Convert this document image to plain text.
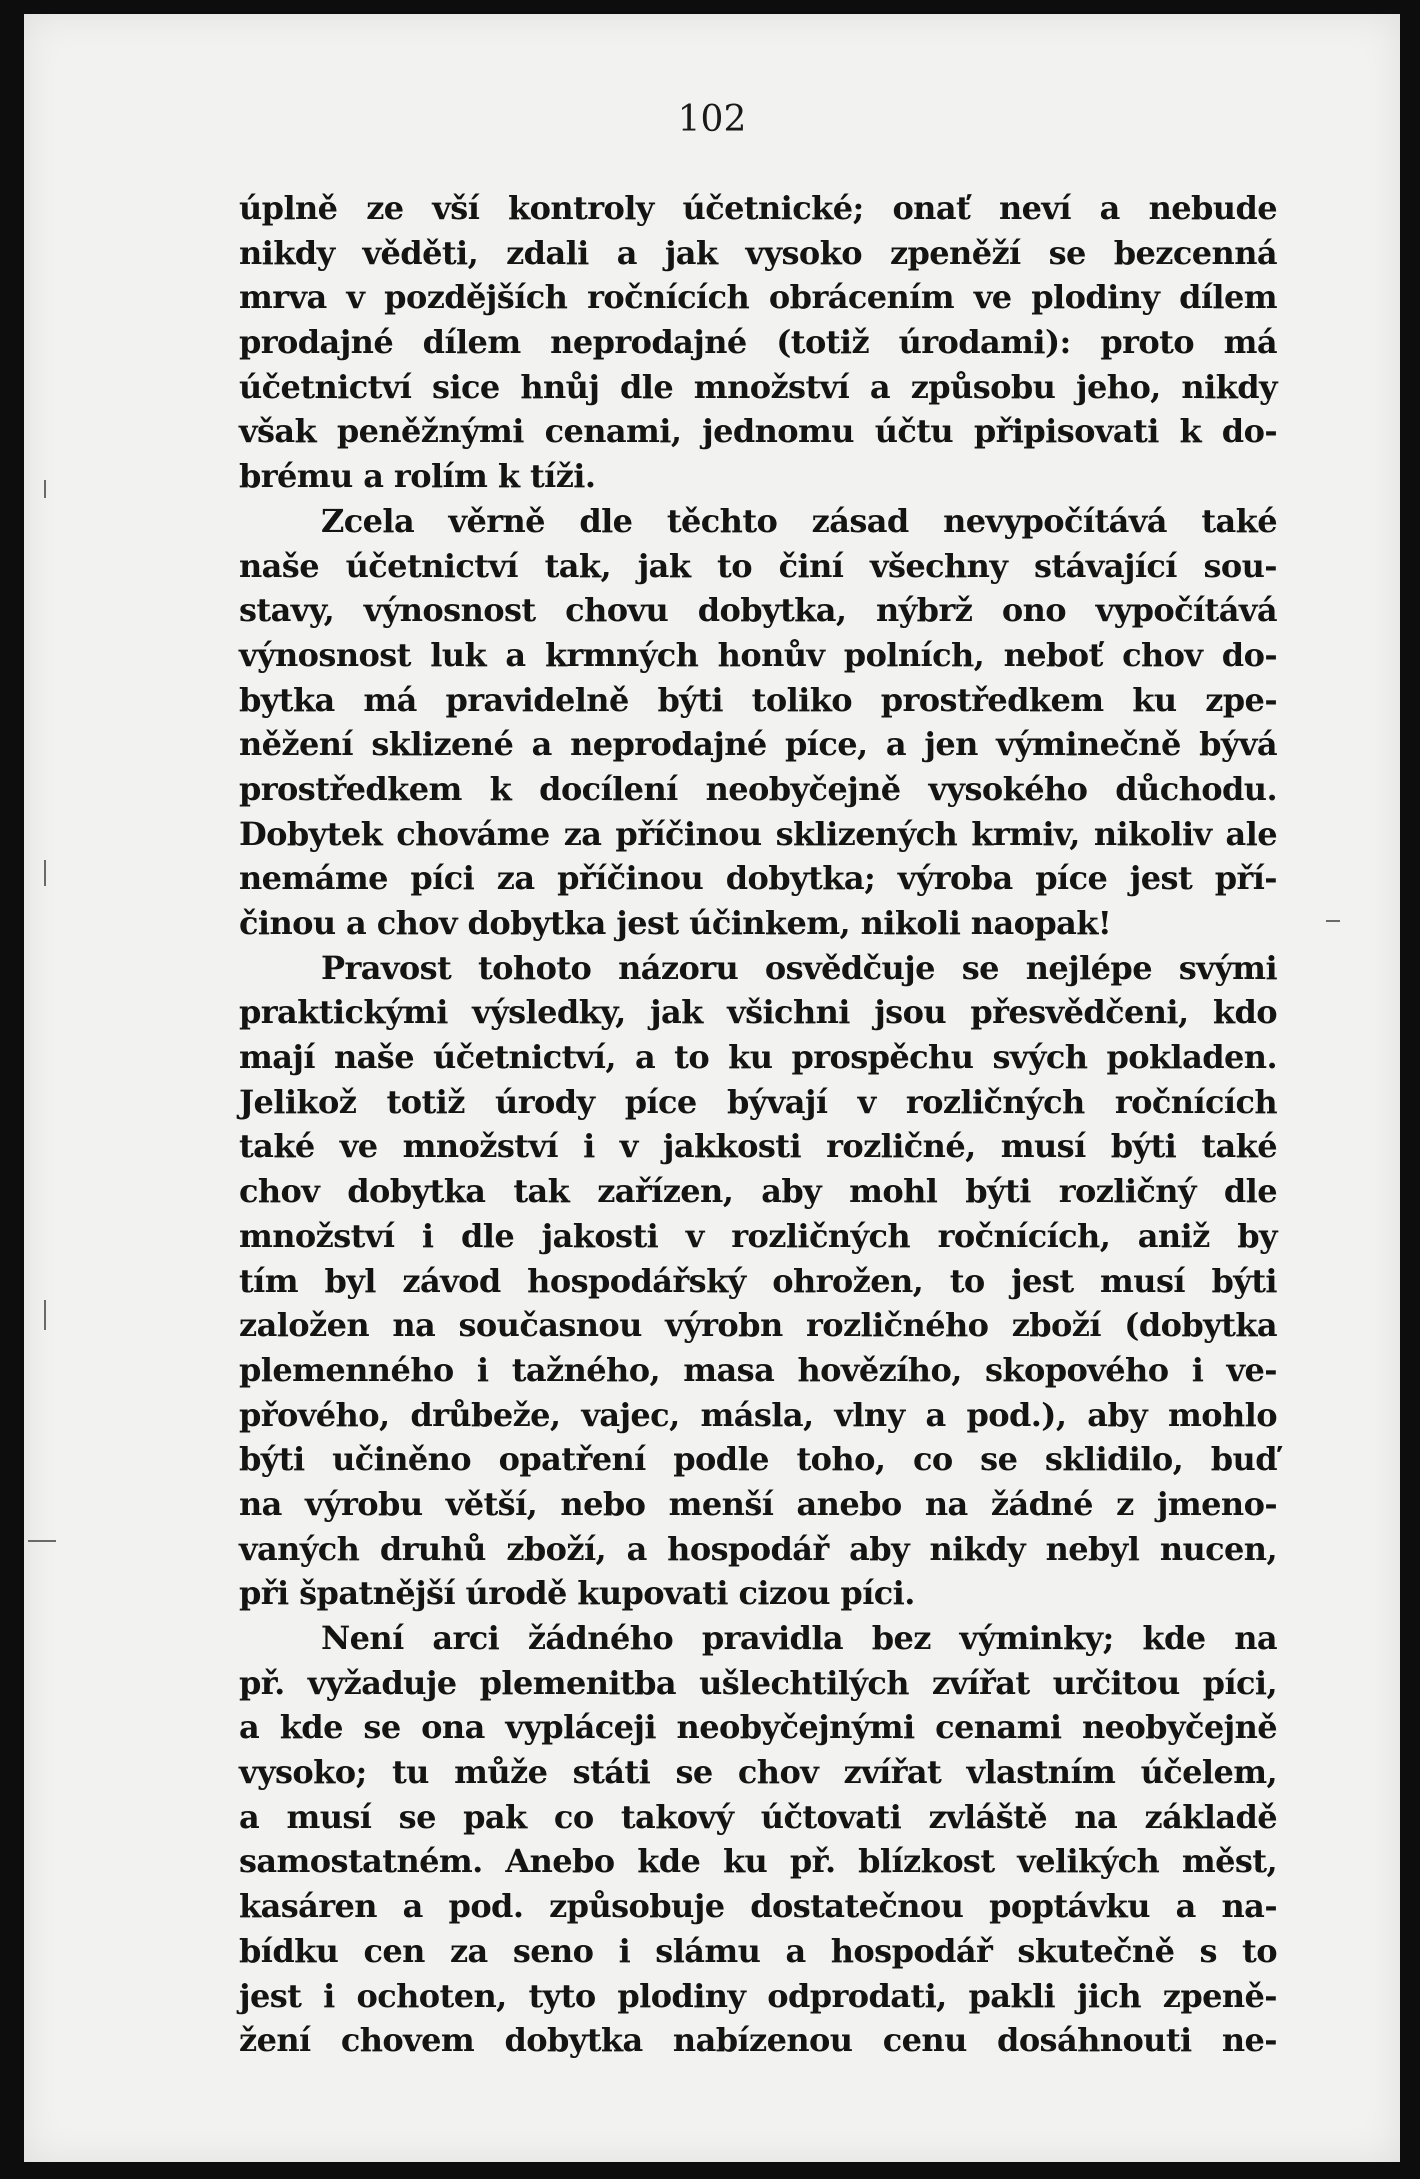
102
úplně ze vší kontroly účetnické; onať neví a nebude
nikdy věděti, zdali a jak vysoko zpeněží se bezcenná
mrva v pozdějších ročnících obrácením ve plodiny dílem
prodajné dílem neprodajné (totiž úrodami): proto má
účetnictví sice hnůj dle množství a způsobu jeho, nikdy
však peněžnými cenami, jednomu účtu připisovati k do-
brému a rolím k tíži.
Zcela věrně dle těchto zásad nevypočítává také
naše účetnictví tak, jak to činí všechny stávající sou-
stavy, výnosnost chovu dobytka, nýbrž ono vypočítává
výnosnost luk a krmných honův polních, neboť chov do-
bytka má pravidelně býti toliko prostředkem ku zpe-
něžení sklizené a neprodajné píce, a jen výminečně bývá
prostředkem k docílení neobyčejně vysokého důchodu.
Dobytek chováme za příčinou sklizených krmiv, nikoliv ale
nemáme píci za příčinou dobytka; výroba píce jest pří-
činou a chov dobytka jest účinkem, nikoli naopak!
Pravost tohoto názoru osvědčuje se nejlépe svými
praktickými výsledky, jak všichni jsou přesvědčeni, kdo
mají naše účetnictví, a to ku prospěchu svých pokladen.
Jelikož totiž úrody píce bývají v rozličných ročnících
také ve množství i v jakkosti rozličné, musí býti také
chov dobytka tak zařízen, aby mohl býti rozličný dle
množství i dle jakosti v rozličných ročnících, aniž by
tím byl závod hospodářský ohrožen, to jest musí býti
založen na současnou výrobn rozličného zboží (dobytka
plemenného i tažného, masa hovězího, skopového i ve-
přového, drůbeže, vajec, másla, vlny a pod.), aby mohlo
býti učiněno opatření podle toho, co se sklidilo, buď
na výrobu větší, nebo menší anebo na žádné z jmeno-
vaných druhů zboží, a hospodář aby nikdy nebyl nucen,
při špatnější úrodě kupovati cizou píci.
Není arci žádného pravidla bez výminky; kde na
př. vyžaduje plemenitba ušlechtilých zvířat určitou píci,
a kde se ona vypláceji neobyčejnými cenami neobyčejně
vysoko; tu může státi se chov zvířat vlastním účelem,
a musí se pak co takový účtovati zvláště na základě
samostatném. Anebo kde ku př. blízkost velikých měst,
kasáren a pod. způsobuje dostatečnou poptávku a na-
bídku cen za seno i slámu a hospodář skutečně s to
jest i ochoten, tyto plodiny odprodati, pakli jich zpeně-
žení chovem dobytka nabízenou cenu dosáhnouti ne-
